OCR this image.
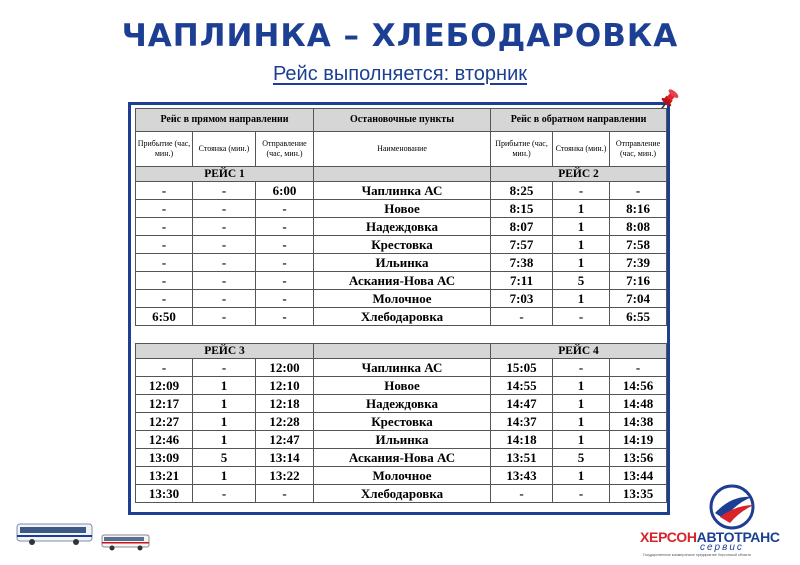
ЧАПЛИНКА – ХЛЕБОДАРОВКА
Рейс выполняется: вторник
Рейс в прямом направлении			Остановочные пункты	Рейс в обратном направлении		
Прибытие (час, мин.)	Стоянка (мин.)	Отправление (час, мин.)	Наименование	Прибытие (час, мин.)	Стоянка (мин.)	Отправление (час, мин.)
РЕЙС 1				РЕЙС 2		
-	-	6:00	Чаплинка АС	8:25	-	-
-	-	-	Новое	8:15	1	8:16
-	-	-	Надеждовка	8:07	1	8:08
-	-	-	Крестовка	7:57	1	7:58
-	-	-	Ильинка	7:38	1	7:39
-	-	-	Аскания-Нова АС	7:11	5	7:16
-	-	-	Молочное	7:03	1	7:04
6:50	-	-	Хлебодаровка	-	-	6:55

РЕЙС 3				РЕЙС 4		
-	-	12:00	Чаплинка АС	15:05	-	-
12:09	1	12:10	Новое	14:55	1	14:56
12:17	1	12:18	Надеждовка	14:47	1	14:48
12:27	1	12:28	Крестовка	14:37	1	14:38
12:46	1	12:47	Ильинка	14:18	1	14:19
13:09	5	13:14	Аскания-Нова АС	13:51	5	13:56
13:21	1	13:22	Молочное	13:43	1	13:44
13:30	-	-	Хлебодаровка	-	-	13:35
ХЕРСОНАВТОТРАНС
сервис
Государственное коммерческое предприятие Херсонской области
